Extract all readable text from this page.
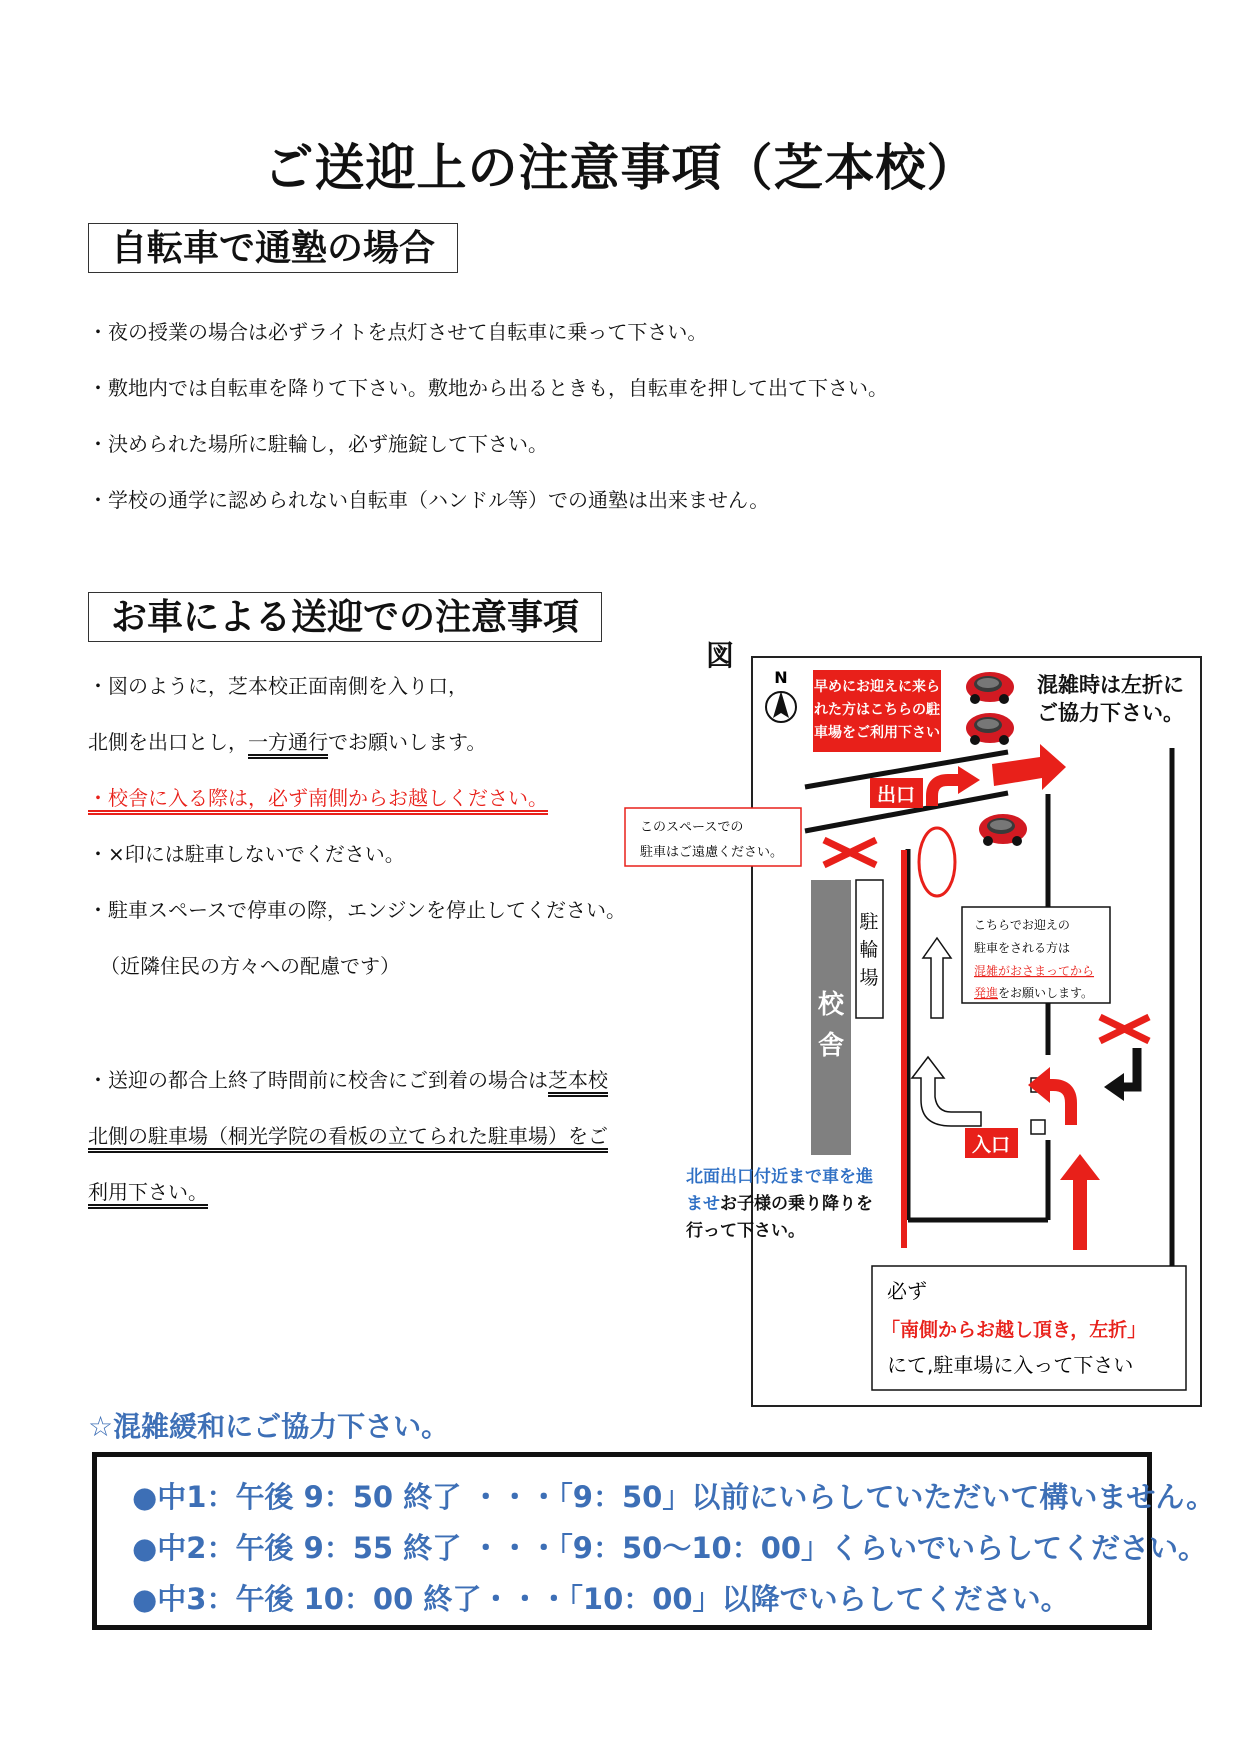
ご送迎上の注意事項（芝本校）
自転車で通塾の場合
・夜の授業の場合は必ずライトを点灯させて自転車に乗って下さい。
・敷地内では自転車を降りて下さい。敷地から出るときも，自転車を押して出て下さい。
・決められた場所に駐輪し，必ず施錠して下さい。
・学校の通学に認められない自転車（ハンドル等）での通塾は出来ません。
お車による送迎での注意事項
・図のように，芝本校正面南側を入り口，
北側を出口とし，一方通行でお願いします。
・校舎に入る際は，必ず南側からお越しください。
・×印には駐車しないでください。
・駐車スペースで停車の際，エンジンを停止してください。
（近隣住民の方々への配慮です）
・送迎の都合上終了時間前に校舎にご到着の場合は芝本校
北側の駐車場（桐光学院の看板の立てられた駐車場）をご
利用下さい。
図
N 早めにお迎えに来ら
れた方はこちらの駐
車場をご利用下さい
混雑時は左折に
ご協力下さい。
出口
校
舎
駐
輪
場
入口
このスペースでの
駐車はご遠慮ください。
こちらでお迎えの
駐車をされる方は
混雑がおさまってから
発進をお願いします。
北面出口付近まで車を進
ませお子様の乗り降りを
行って下さい。
必ず
「南側からお越し頂き，左折」
にて,駐車場に入って下さい
☆混雑緩和にご協力下さい。
●中1：午後 9：50 終了 ・・・「9：50」以前にいらしていただいて構いません。
●中2：午後 9：55 終了 ・・・「9：50～10：00」くらいでいらしてください。
●中3：午後 10：00 終了・・・「10：00」以降でいらしてください。
